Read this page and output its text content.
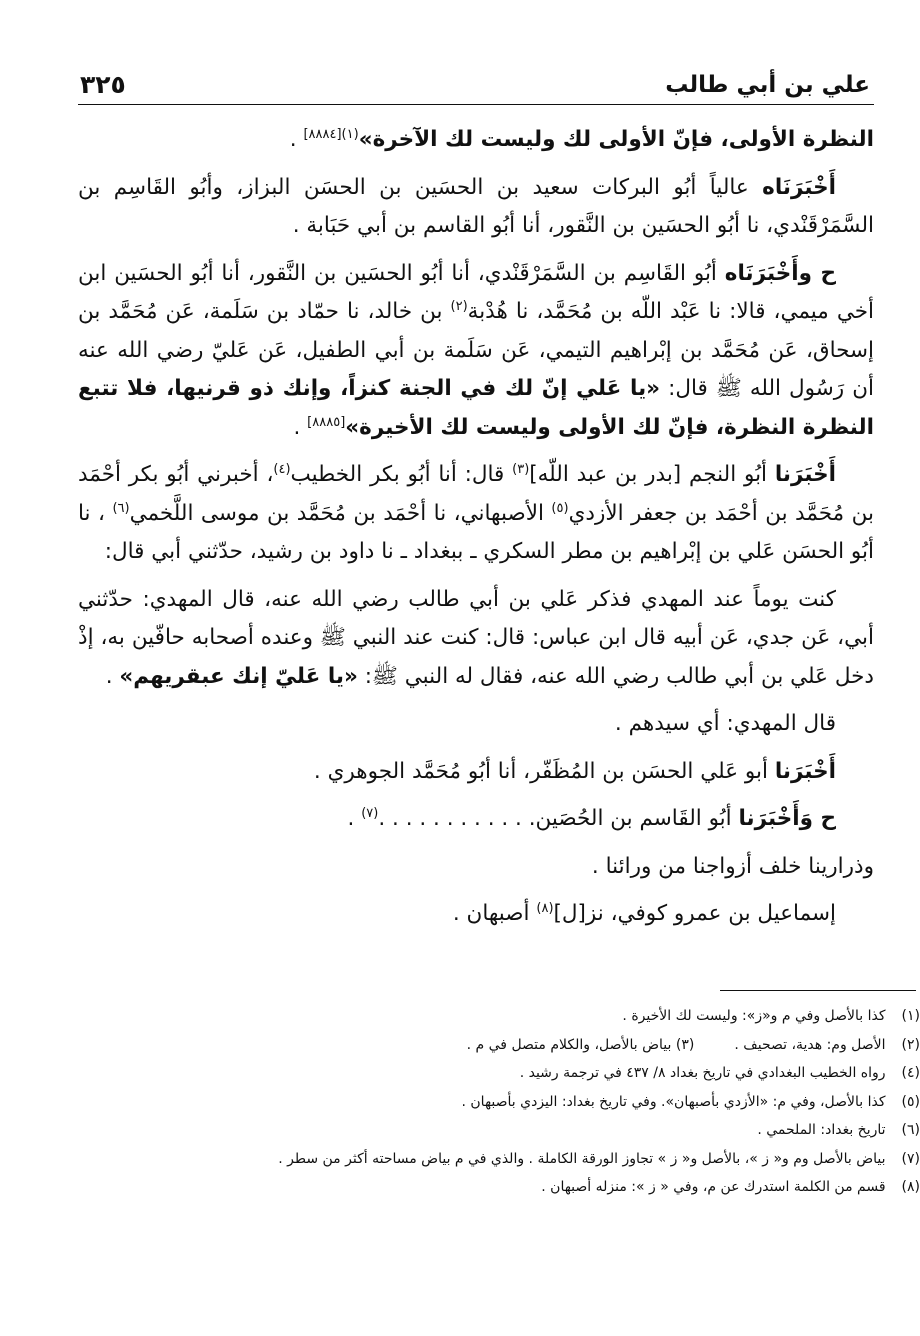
علي بن أبي طالب
٣٢٥

النظرة الأولى، فإنّ الأولى لك وليست لك الآخرة»$^{(١)[٨٨٨٤]}$ .

أَخْبَرَنَاه عالياً أبُو البركات سعيد بن الحسَين بن الحسَن البزاز، وأبُو القَاسِم بن السَّمَرْقَنْدي، نا أبُو الحسَين بن النَّقور، أنا أبُو القاسم بن أبي حَبَابة .

ح وأَخْبَرَنَاه أبُو القَاسِم بن السَّمَرْقَنْدي، أنا أبُو الحسَين بن النَّقور، أنا أبُو الحسَين ابن أخي ميمي، قالا: نا عَبْد اللّه بن مُحَمَّد، نا هُدْبة$^{(٢)}$ بن خالد، نا حمّاد بن سَلَمة، عَن مُحَمَّد بن إسحاق، عَن مُحَمَّد بن إبْراهيم التيمي، عَن سَلَمة بن أبي الطفيل، عَن عَليّ رضي الله عنه أن رَسُول الله ﷺ قال: «يا عَلي إنّ لك في الجنة كنزاً، وإنك ذو قرنيها، فلا تتبع النظرة النظرة، فإنّ لك الأولى وليست لك الأخيرة»[٨٨٨٥] .

أَخْبَرَنا أبُو النجم [بدر بن عبد اللّه]$^{(٣)}$ قال: أنا أبُو بكر الخطيب$^{(٤)}$، أخبرني أبُو بكر أحْمَد بن مُحَمَّد بن أحْمَد بن جعفر الأزدي$^{(٥)}$ الأصبهاني، نا أحْمَد بن مُحَمَّد بن موسى اللَّخمي$^{(٦)}$ ، نا أبُو الحسَن عَلي بن إبْراهيم بن مطر السكري ـ ببغداد ـ نا داود بن رشيد، حدّثني أبي قال:

كنت يوماً عند المهدي فذكر عَلي بن أبي طالب رضي الله عنه، قال المهدي: حدّثني أبي، عَن جدي، عَن أبيه قال ابن عباس: قال: كنت عند النبي ﷺ وعنده أصحابه حافّين به، إذْ دخل عَلي بن أبي طالب رضي الله عنه، فقال له النبي ﷺ: «يا عَليّ إنك عبقريهم» .

قال المهدي: أي سيدهم .

أَخْبَرَنا أبو عَلي الحسَن بن المُظَفّر، أنا أبُو مُحَمَّد الجوهري .

ح وَأَخْبَرَنا أبُو القَاسم بن الحُصَين. . . . . . . . . . . .$^{(٧)}$ .

وذرارينا خلف أزواجنا من ورائنا .

إسماعيل بن عمرو كوفي، نز[ل]$^{(٨)}$ أصبهان .

(١) كذا بالأصل وفي م و«ز»: وليست لك الأخيرة .
(٢) الأصل وم: هدية، تصحيف .(٣) بياض بالأصل، والكلام متصل في م .
(٤) رواه الخطيب البغدادي في تاريخ بغداد ٨/ ٤٣٧ في ترجمة رشيد .
(٥) كذا بالأصل، وفي م: «الأزدي بأصبهان». وفي تاريخ بغداد: اليزدي بأصبهان .
(٦) تاريخ بغداد: الملحمي .
(٧) بياض بالأصل وم و« ز »، بالأصل و« ز » تجاوز الورقة الكاملة . والذي في م بياض مساحته أكثر من سطر .
(٨) قسم من الكلمة استدرك عن م، وفي « ز »: منزله أصبهان .
